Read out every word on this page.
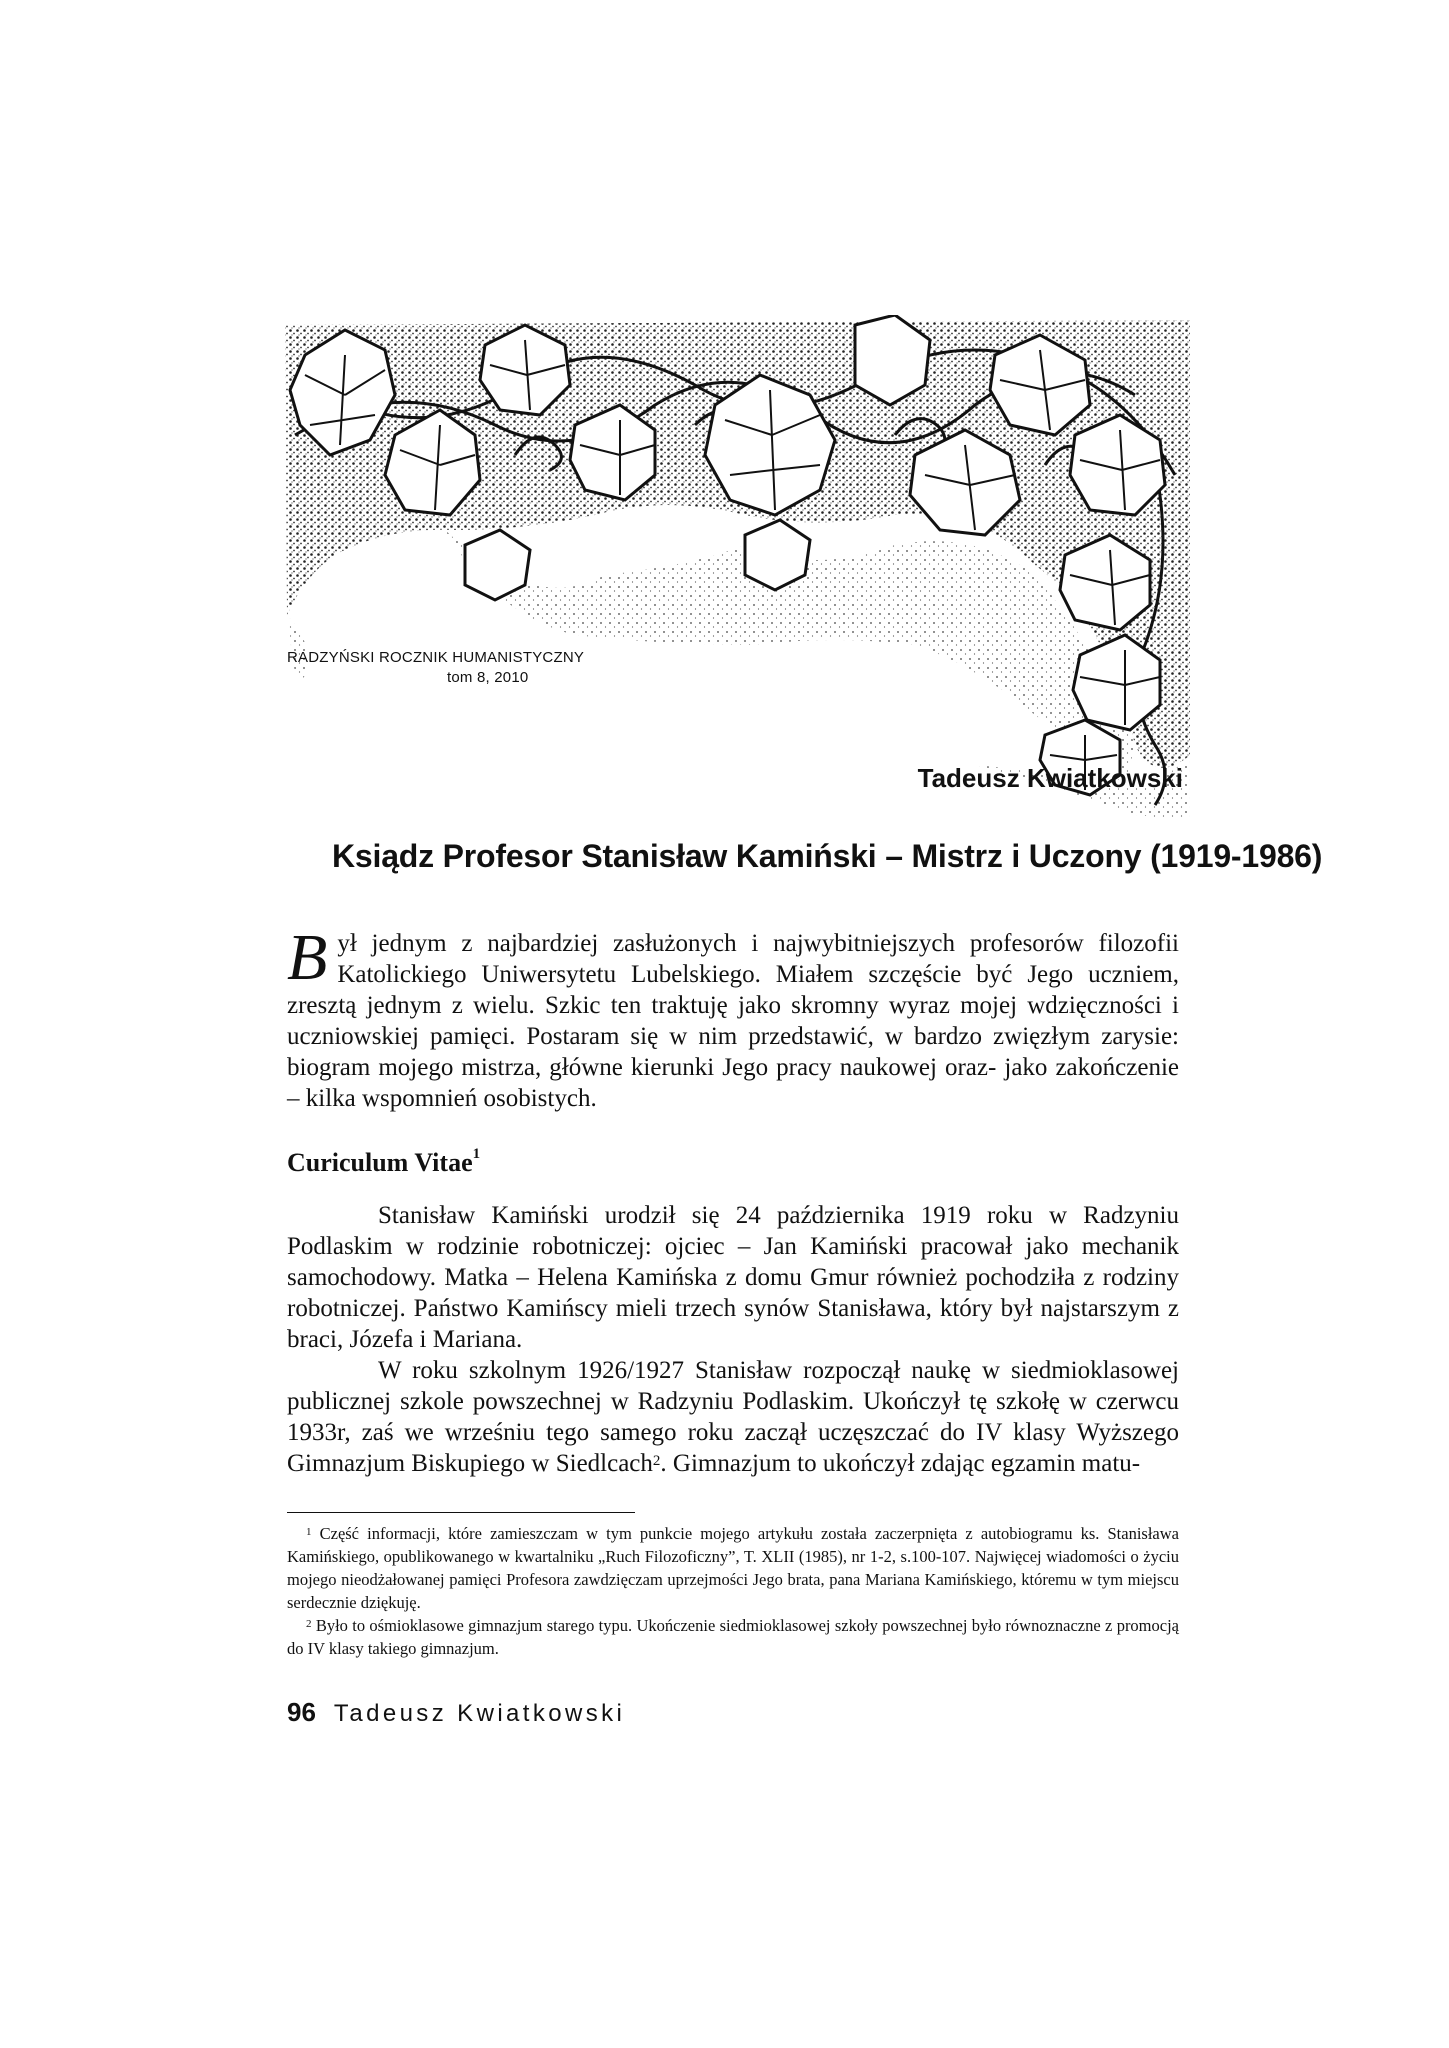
RADZYŃSKI ROCZNIK HUMANISTYCZNY
tom 8, 2010
Tadeusz Kwiatkowski
Ksiądz Profesor Stanisław Kamiński – Mistrz i Uczony (1919-1986)
Był jednym z najbardziej zasłużonych i najwybitniejszych profesorów filozofii Katolickiego Uniwersytetu Lubelskiego. Miałem szczęście być Jego uczniem, zresztą jednym z wielu. Szkic ten traktuję jako skromny wyraz mojej wdzięczności i uczniowskiej pamięci. Postaram się w nim przedstawić, w bardzo zwięzłym zarysie: biogram mojego mistrza, główne kierunki Jego pracy naukowej oraz- jako zakończenie – kilka wspomnień osobistych.
Curiculum Vitae$^1$

Stanisław Kamiński urodził się 24 października 1919 roku w Radzyniu Podlaskim w rodzinie robotniczej: ojciec – Jan Kamiński pracował jako mechanik samochodowy. Matka – Helena Kamińska z domu Gmur również pochodziła z rodziny robotniczej. Państwo Kamińscy mieli trzech synów Stanisława, który był najstarszym z braci, Józefa i Mariana.

W roku szkolnym 1926/1927 Stanisław rozpoczął naukę w siedmioklasowej publicznej szkole powszechnej w Radzyniu Podlaskim. Ukończył tę szkołę w czerwcu 1933r, zaś we wrześniu tego samego roku zaczął uczęszczać do IV klasy Wyższego Gimnazjum Biskupiego w Siedlcach$^2$. Gimnazjum to ukończył zdając egzamin matu-

$^1$ Część informacji, które zamieszczam w tym punkcie mojego artykułu została zaczerpnięta z autobiogramu ks. Stanisława Kamińskiego, opublikowanego w kwartalniku „Ruch Filozoficzny”, T. XLII (1985), nr 1-2, s.100-107. Najwięcej wiadomości o życiu mojego nieodżałowanej pamięci Profesora zawdzięczam uprzejmości Jego brata, pana Mariana Kamińskiego, któremu w tym miejscu serdecznie dziękuję.

$^2$ Było to ośmioklasowe gimnazjum starego typu. Ukończenie siedmioklasowej szkoły powszechnej było równoznaczne z promocją do IV klasy takiego gimnazjum.

96 Tadeusz Kwiatkowski
